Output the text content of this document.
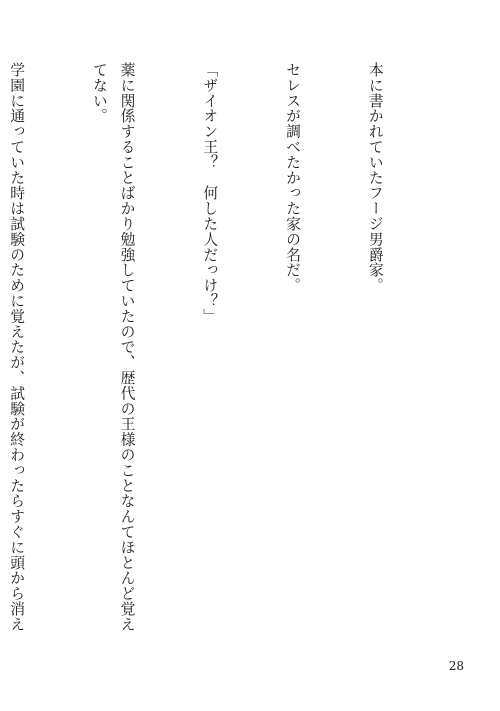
本に書かれていたフージ男爵家。

セレスが調べたかった家の名だ。

「ザイオン王？　何した人だっけ？」

薬に関係することばかり勉強していたので、歴代の王様のことなんてほとんど覚えてない。

学園に通っていた時は試験のために覚えたが、試験が終わったらすぐに頭から消え

28
